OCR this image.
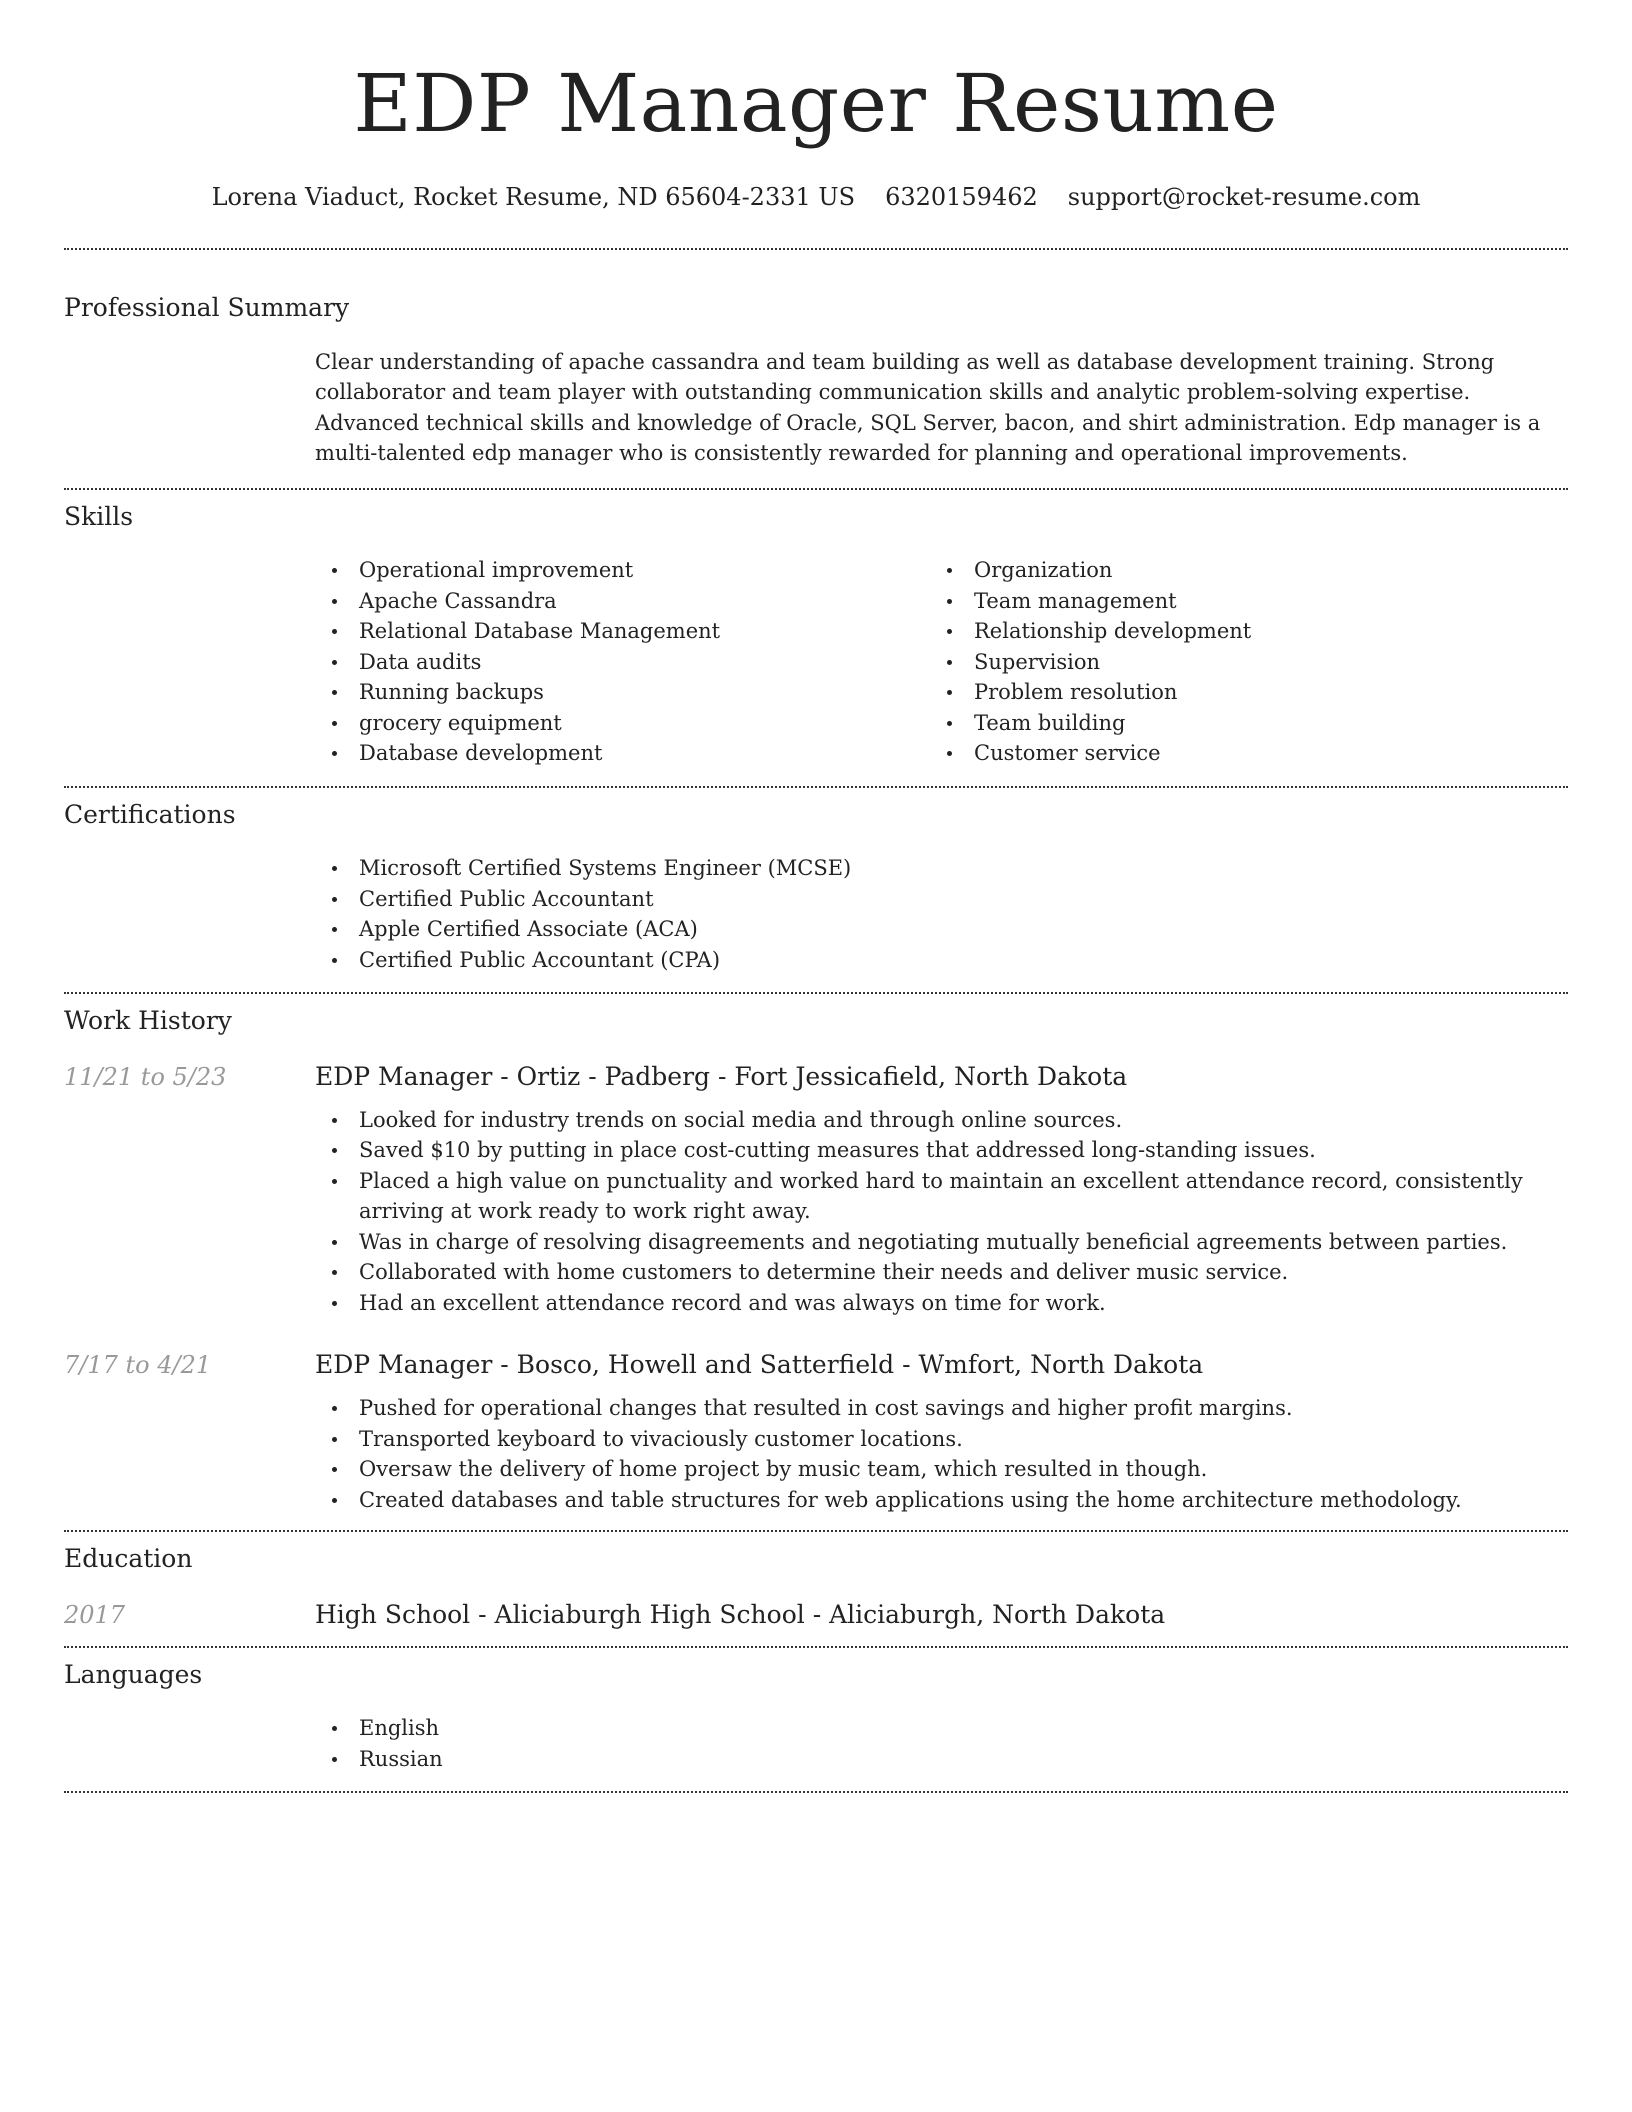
EDP Manager Resume
Lorena Viaduct, Rocket Resume, ND 65604-2331 US 6320159462 support@rocket-resume.com
Professional Summary

Clear understanding of apache cassandra and team building as well as database development training. Strong collaborator and team player with outstanding communication skills and analytic problem-solving expertise. Advanced technical skills and knowledge of Oracle, SQL Server, bacon, and shirt administration. Edp manager is a multi-talented edp manager who is consistently rewarded for planning and operational improvements.

Skills
Operational improvement
Apache Cassandra
Relational Database Management
Data audits
Running backups
grocery equipment
Database development
Organization
Team management
Relationship development
Supervision
Problem resolution
Team building
Customer service
Certifications
Microsoft Certified Systems Engineer (MCSE)
Certified Public Accountant
Apple Certified Associate (ACA)
Certified Public Accountant (CPA)
Work History
11/21 to 5/23	EDP Manager - Ortiz - Padberg - Fort Jessicafield, North Dakota
Looked for industry trends on social media and through online sources.
Saved $10 by putting in place cost-cutting measures that addressed long-standing issues.
Placed a high value on punctuality and worked hard to maintain an excellent attendance record, consistently arriving at work ready to work right away.
Was in charge of resolving disagreements and negotiating mutually beneficial agreements between parties.
Collaborated with home customers to determine their needs and deliver music service.
Had an excellent attendance record and was always on time for work.
7/17 to 4/21	EDP Manager - Bosco, Howell and Satterfield - Wmfort, North Dakota
Pushed for operational changes that resulted in cost savings and higher profit margins.
Transported keyboard to vivaciously customer locations.
Oversaw the delivery of home project by music team, which resulted in though.
Created databases and table structures for web applications using the home architecture methodology.
Education
2017	High School - Aliciaburgh High School - Aliciaburgh, North Dakota
Languages
English
Russian
